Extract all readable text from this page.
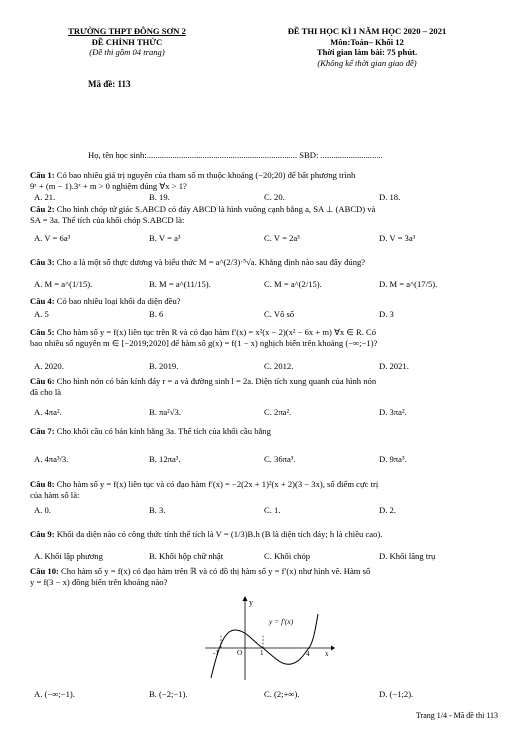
TRƯỜNG THPT ĐÔNG SƠN 2
ĐỀ CHÍNH THỨC
(Đề thi gồm 04 trang)
ĐỀ THI HỌC KÌ I NĂM HỌC 2020 – 2021
Môn:Toán– Khối 12
Thời gian làm bài: 75 phút.
(Không kể thời gian giao đề)
Mã đề: 113
Họ, tên học sinh:...................................................................... SBD: .............................
Câu 1: Có bao nhiêu giá trị nguyên của tham số m thuộc khoảng (−20;20) để bất phương trình
9ˣ + (m − 1).3ˣ + m > 0 nghiệm đúng ∀x > 1?
A. 21.	B. 19.	C. 20.	D. 18.
Câu 2: Cho hình chóp tứ giác S.ABCD có đáy ABCD là hình vuông cạnh bằng a, SA ⊥ (ABCD) và
SA = 3a. Thể tích của khối chóp S.ABCD là:
A. V = 6a³	B. V = a³	C. V = 2a³	D. V = 3a³
Câu 3: Cho a là một số thực dương và biểu thức M = a^(2/3)·⁵√a. Khẳng định nào sau đây đúng?
A. M = a^(1/15).	B. M = a^(11/15).	C. M = a^(2/15).	D. M = a^(17/5).
Câu 4: Có bao nhiêu loại khối đa diện đều?
A. 5	B. 6	C. Vô số	D. 3
Câu 5: Cho hàm số y = f(x) liên tục trên R và có đạo hàm f′(x) = x²(x − 2)(x² − 6x + m) ∀x ∈ R. Có
bao nhiêu số nguyên m ∈ [−2019;2020] để hàm số g(x) = f(1 − x) nghịch biến trên khoảng (−∞;−1)?
A. 2020.	B. 2019.	C. 2012.	D. 2021.
Câu 6: Cho hình nón có bán kính đáy r = a và đường sinh l = 2a. Diện tích xung quanh của hình nón
đã cho là
A. 4πa².	B. πa²√3.	C. 2πa².	D. 3πa².
Câu 7: Cho khối cầu có bán kính bằng 3a. Thể tích của khối cầu bằng
A. 4πa³/3.	B. 12πa³.	C. 36πa³.	D. 9πa³.
Câu 8: Cho hàm số y = f(x) liên tục và có đạo hàm f′(x) = −2(2x + 1)²(x + 2)(3 − 3x), số điểm cực trị
của hàm số là:
A. 0.	B. 3.	C. 1.	D. 2.
Câu 9: Khối đa diện nào có công thức tính thể tích là V = (1/3)B.h (B là diện tích đáy; h là chiều cao).
A. Khối lập phương	B. Khối hộp chữ nhật	C. Khối chóp	D. Khối lăng trụ
Câu 10: Cho hàm số y = f(x) có đạo hàm trên ℝ và có đồ thị hàm số y = f′(x) như hình vẽ. Hàm số
y = f(3 − x) đồng biến trên khoảng nào?
y
y = f′(x)
-1	O	1	4 x
A. (−∞;−1).	B. (−2;−1).	C. (2;+∞).	D. (−1;2).
Trang 1/4 - Mã đề thi 113
